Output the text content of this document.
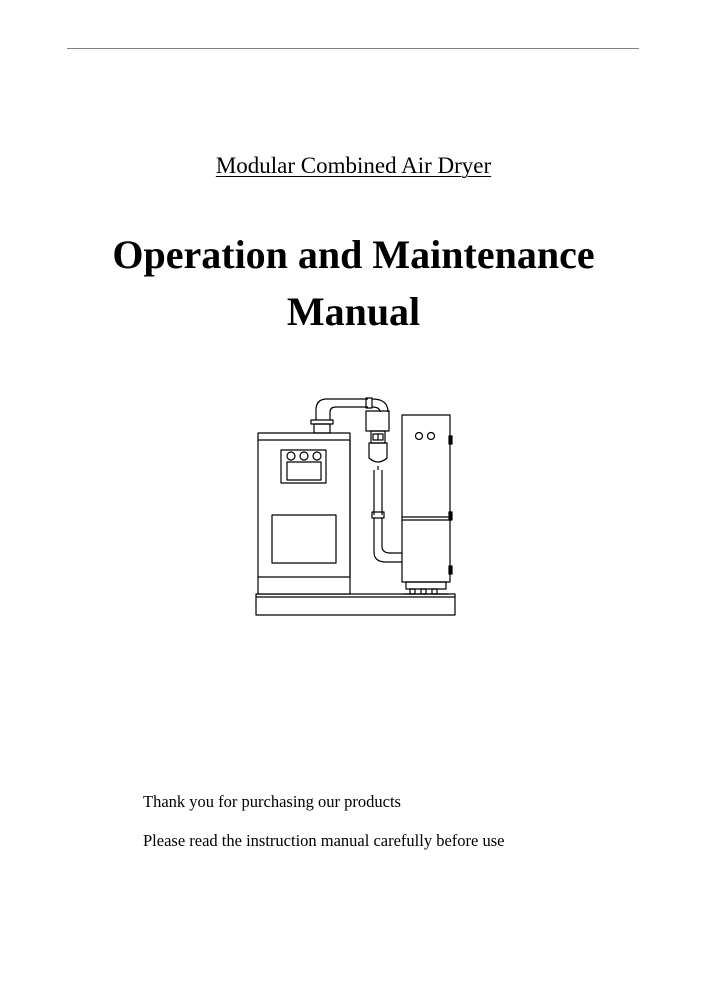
Modular Combined Air Dryer
Operation and Maintenance
Manual

Thank you for purchasing our products

Please read the instruction manual carefully before use
